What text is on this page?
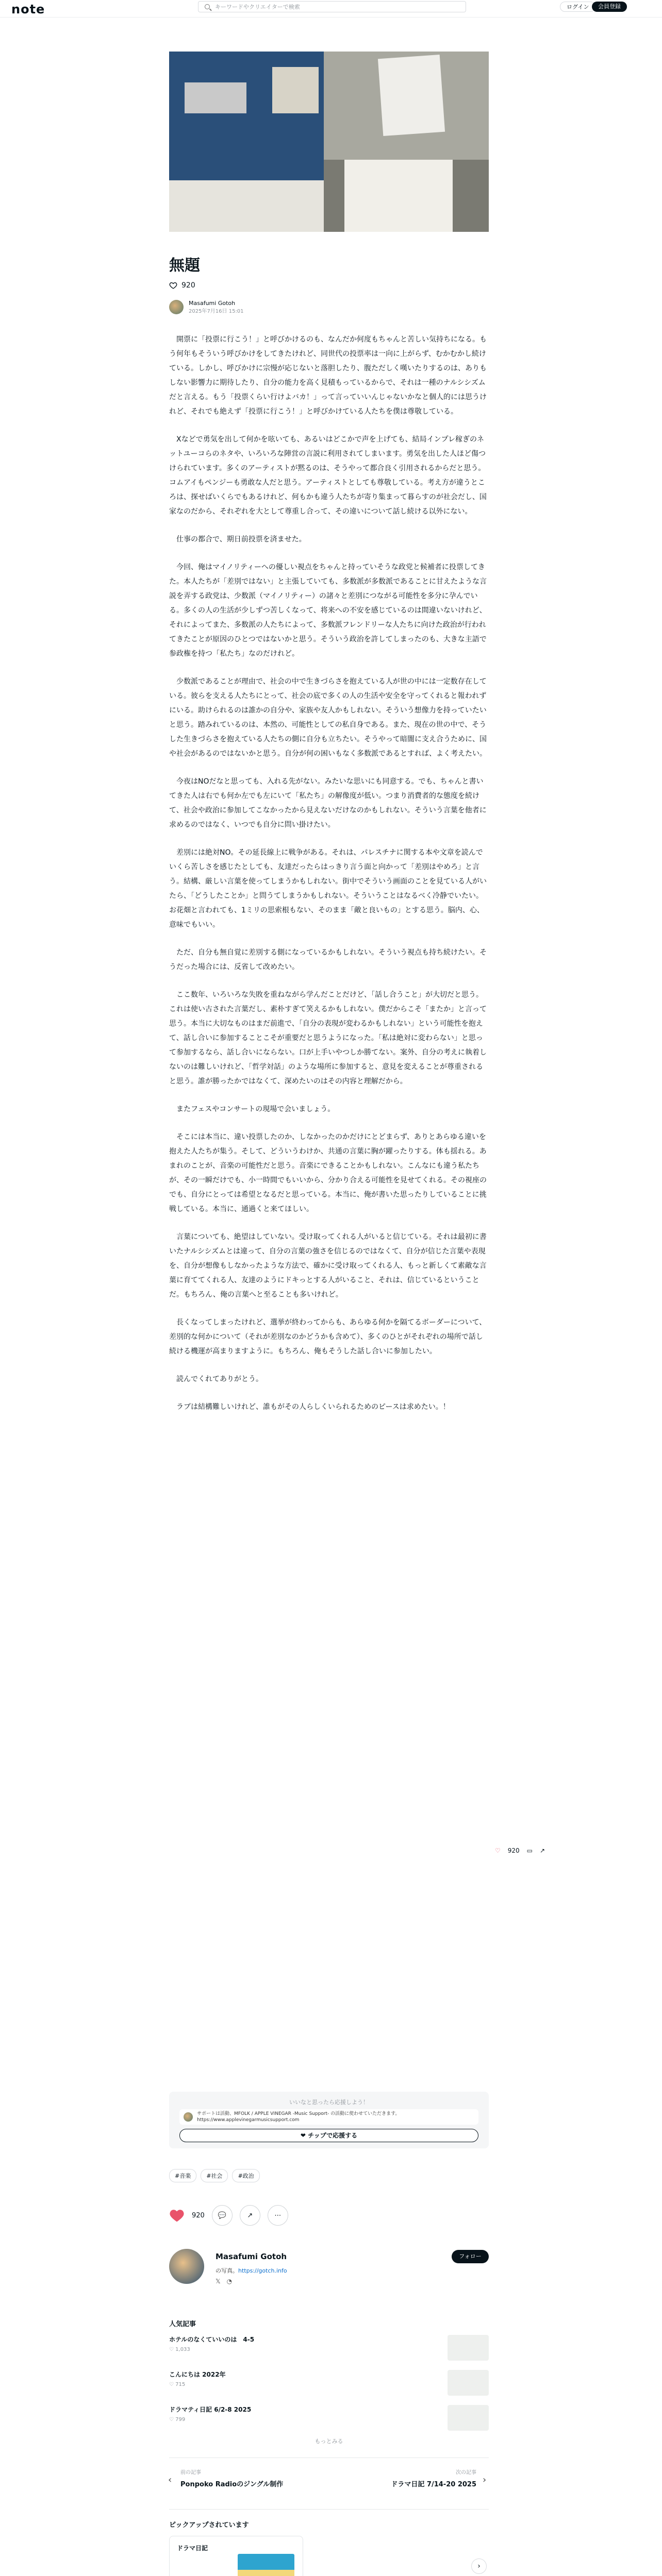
note	キーワードやクリエイターで検索	ログイン	会員登録
無題
920
Masafumi Gotoh
2025年7月16日 15:01

開票に「投票に行こう！」と呼びかけるのも、なんだか何度もちゃんと苦しい気持ちになる。もう何年もそういう呼びかけをしてきたけれど、同世代の投票率は一向に上がらず、むかむかし続けている。しかし、呼びかけに宗慢が応じないと落胆したり、腹ただしく嘆いたりするのは、ありもしない影響力に期待したり、自分の能力を高く見積もっているからで、それは一種のナルシシズムだと言える。もう「投票くらい行けよバカ！」って言っていいんじゃないかなと個人的には思うけれど、それでも絶えず「投票に行こう！」と呼びかけている人たちを僕は尊敬している。

Xなどで勇気を出して何かを呟いても、あるいはどこかで声を上げても、結局インプレ稼ぎのネットユーコらのネタや、いろいろな陣営の言説に利用されてしまいます。勇気を出した人ほど傷つけられています。多くのアーティストが黙るのは、そうやって都合良く引用されるからだと思う。コムアイもペンジーも勇敢な人だと思う。アーティストとしても尊敬している。考え方が違うところは、探せばいくらでもあるけれど、何もかも違う人たちが寄り集まって暮らすのが社会だし、国家なのだから、それぞれを大として尊重し合って、その違いについて話し続ける以外にない。

仕事の都合で、期日前投票を済ませた。

今回、俺はマイノリティーへの優しい視点をちゃんと持っていそうな政党と候補者に投票してきた。本人たちが「差別ではない」と主張していても、多数派が多数派であることに甘えたような言説を弄する政党は、少数派（マイノリティー）の諸々と差別につながる可能性を多分に孕んでいる。多くの人の生活が少しずつ苦しくなって、将来への不安を感じているのは間違いないけれど、それによってまた、多数派の人たちによって、多数派フレンドリーな人たちに向けた政治が行われてきたことが原因のひとつではないかと思う。そういう政治を許してしまったのも、大きな主語で参政権を持つ「私たち」なのだけれど。

少数派であることが理由で、社会の中で生きづらさを抱えている人が世の中には一定数存在している。彼らを支える人たちにとって、社会の底で多くの人の生活や安全を守ってくれると報われずにいる。助けられるのは誰かの自分や、家族や友人かもしれない。そういう想像力を持っていたいと思う。踏みれているのは、本然の、可能性としての私自身である。また、現在の世の中で、そうした生きづらさを抱えている人たちの側に自分も立ちたい。そうやって暗闇に支え合うために、国や社会があるのではないかと思う。自分が何の困いもなく多数派であるとすれば、よく考えたい。

今夜はNOだなと思っても、入れる先がない。みたいな思いにも同意する。でも、ちゃんと書いてきた人は右でも何か左でも左にいて「私たち」の解像度が低い。つまり消費者的な態度を続けて、社会や政治に参加してこなかったから見えないだけなのかもしれない。そういう言葉を他者に求めるのではなく、いつでも自分に問い掛けたい。

差別には絶対NO。その延長線上に戦争がある。それは、パレスチナに関する本や文章を読んでいくら苦しさを感じたとしても、友達だったらはっきり言う面と向かって「差別はやめろ」と言う。結構、厳しい言葉を使ってしまうかもしれない。街中でそういう画面のことを見ている人がいたら、「どうしたことか」と問うてしまうかもしれない。そういうことはなるべく冷静でいたい。お花畑と言われても、1ミリの思索根もない、そのまま「敵と良いもの」とする思う。脳内、心、意味でもいい。

ただ、自分も無自覚に差別する側になっているかもしれない。そういう視点も持ち続けたい。そうだった場合には、反省して改めたい。

ここ数年、いろいろな失敗を重ねながら学んだことだけど、「話し合うこと」が大切だと思う。これは使い古された言葉だし、素朴すぎて笑えるかもしれない。僕だからこそ「またか」と言って思う。本当に大切なものはまだ前進で、「自分の表現が変わるかもしれない」という可能性を抱えて、話し合いに参加することこそが重要だと思うようになった。「私は絶対に変わらない」と思って参加するなら、話し合いにならない。口が上手いやつしか勝てない。案外、自分の考えに執着しないのは難しいけれど、「哲学対話」のような場所に参加すると、意見を変えることが尊重されると思う。誰が勝ったかではなくて、深めたいのはその内容と理解だから。

またフェスやコンサートの現場で会いましょう。

そこには本当に、違い投票したのか、しなかったのかだけにとどまらず、ありとあらゆる違いを抱えた人たちが集う。そして、どういうわけか、共通の言葉に胸が躍ったりする。体も揺れる。あまれのことが、音楽の可能性だと思う。音楽にできることかもしれない。こんなにも違う私たちが、その一瞬だけでも、小一時間でもいいから、分かり合える可能性を見せてくれる。その視座のでも、自分にとっては希望となるだと思っている。本当に、俺が書いた思ったりしていることに挑戦している。本当に、通過くと来てほしい。

言葉についても、絶望はしていない。受け取ってくれる人がいると信じている。それは最初に書いたナルシシズムとは違って、自分の言葉の強さを信じるのではなくて、自分が信じた言葉や表現を、自分が想像もしなかったような方法で、確かに受け取ってくれる人、もっと新しくて素敵な言葉に育ててくれる人、友達のようにドキっとする人がいること、それは、信じているということだ。もちろん、俺の言葉へと至ることも多いけれど。

長くなってしまったけれど、選挙が終わってからも、あらゆる何かを隔てるボーダーについて、差別的な何かについて（それが差別なのかどうかも含めて）、多くのひとがそれぞれの場所で話し続ける機運が高まりますように。もちろん、俺もそうした話し合いに参加したい。

読んでくれてありがとう。

ラブは結構難しいけれど、誰もがその人らしくいられるためのピースは求めたい。！

いいなと思ったら応援しよう！
サポートは活動、MFOLK / APPLE VINEGAR -Music Support- の活動に使わせていただきます。https://www.applevinegarmusicsupport.com
❤ チップで応援する
#音楽	#社会	#政治
920 💬	↗	⋯
Masafumi Gotoh
の写真。https://gotch.info
𝕏 ◔
フォロー
人気記事
ホテルのなくていいのは　4-5
♡ 1,033
こんにちは 2022年
♡ 715
ドラマティ日記 6/2-8 2025
♡ 799
もっとみる
‹
前の記事
Ponpoko Radioのジングル制作
次の記事
ドラマ日記 7/14-20 2025 ›
ピックアップされています
ドラマ日記
›
♡ 920 ▭ ↗
